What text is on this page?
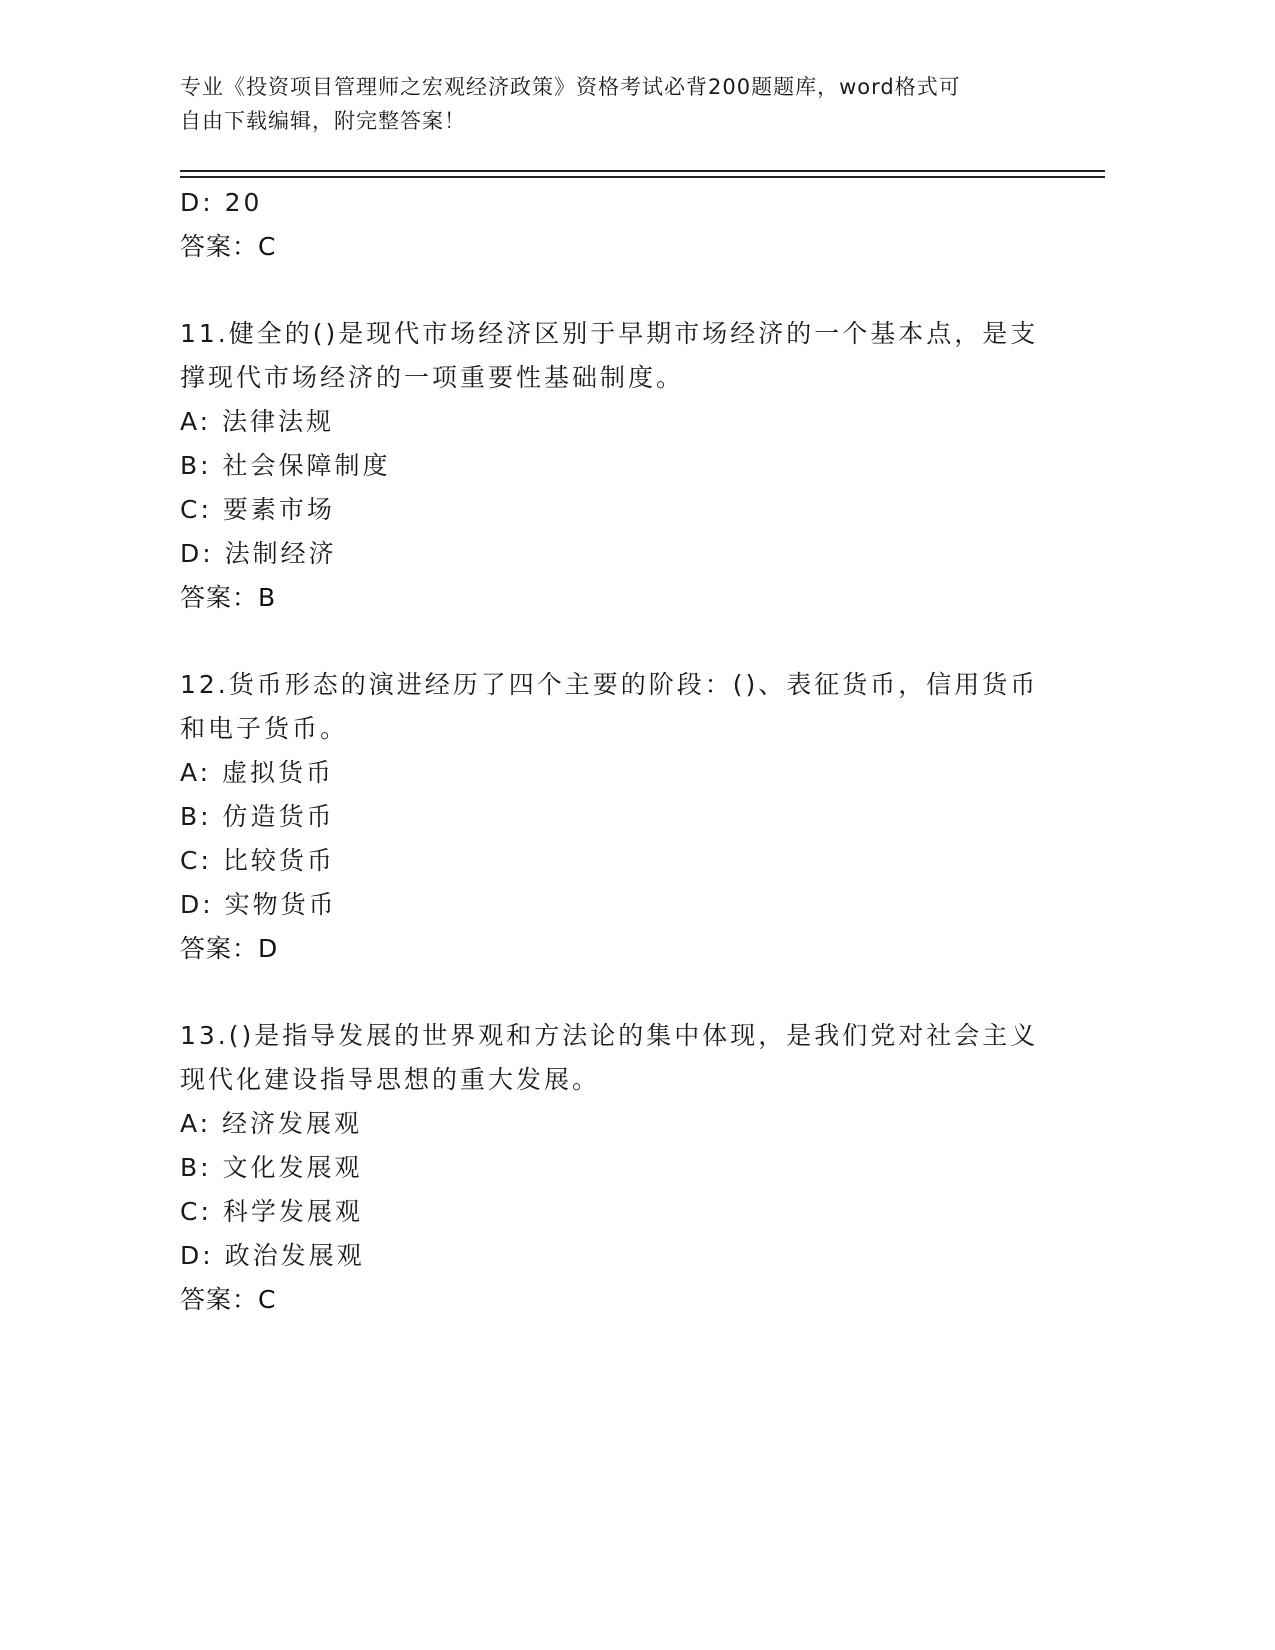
专业《投资项目管理师之宏观经济政策》资格考试必背200题题库，word格式可
自由下载编辑，附完整答案！
D: 20
答案：C
11.健全的()是现代市场经济区别于早期市场经济的一个基本点，是支
撑现代市场经济的一项重要性基础制度。
A: 法律法规
B: 社会保障制度
C: 要素市场
D: 法制经济
答案：B
12.货币形态的演进经历了四个主要的阶段：()、表征货币，信用货币
和电子货币。
A: 虚拟货币
B: 仿造货币
C: 比较货币
D: 实物货币
答案：D
13.()是指导发展的世界观和方法论的集中体现，是我们党对社会主义
现代化建设指导思想的重大发展。
A: 经济发展观
B: 文化发展观
C: 科学发展观
D: 政治发展观
答案：C
